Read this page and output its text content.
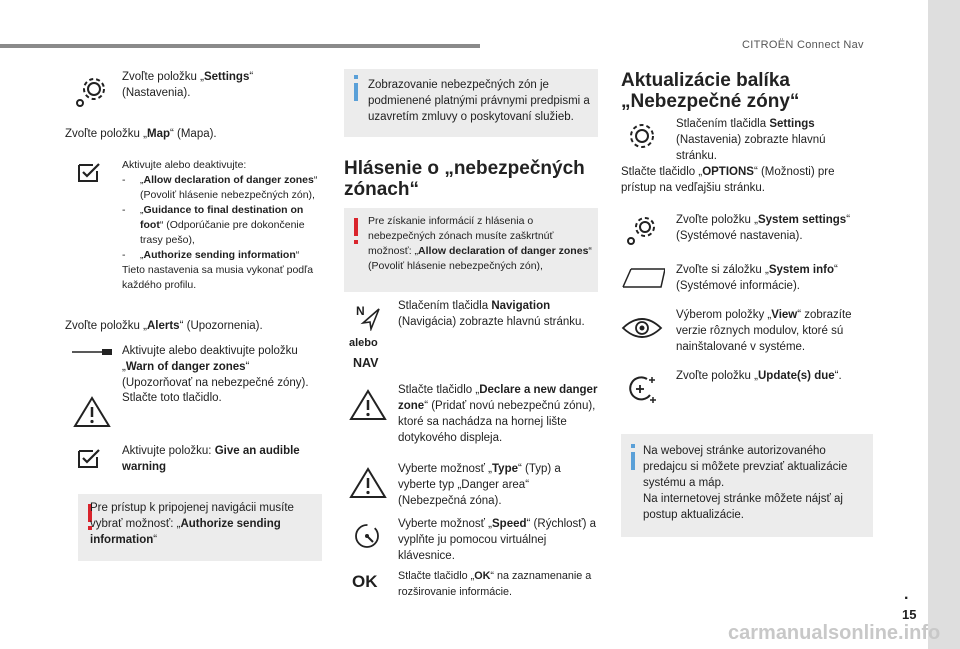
CITROËN Connect Nav
Zvoľte položku „Settings“ (Nastavenia).
Zvoľte položku „Map“ (Mapa).
Aktivujte alebo deaktivujte:
-	„Allow declaration of danger zones“ (Povoliť hlásenie nebezpečných zón),
-	„Guidance to final destination on foot“ (Odporúčanie pre dokončenie trasy pešo),
-	„Authorize sending information“
Tieto nastavenia sa musia vykonať podľa každého profilu.
Zvoľte položku „Alerts“ (Upozornenia).
Aktivujte alebo deaktivujte položku „Warn of danger zones“ (Upozorňovať na nebezpečné zóny).
Stlačte toto tlačidlo.
Aktivujte položku: Give an audible warning
Pre prístup k pripojenej navigácii musíte vybrať možnosť: „Authorize sending information“
Zobrazovanie nebezpečných zón je podmienené platnými právnymi predpismi a uzavretím zmluvy o poskytovaní služieb.
Hlásenie o „nebezpečných zónach“
Pre získanie informácií z hlásenia o nebezpečných zónach musíte zaškrtnúť možnosť: „Allow declaration of danger zones“ (Povoliť hlásenie nebezpečných zón),
N
alebo
NAV
Stlačením tlačidla Navigation (Navigácia) zobrazte hlavnú stránku.
Stlačte tlačidlo „Declare a new danger zone“ (Pridať novú nebezpečnú zónu), ktoré sa nachádza na hornej lište dotykového displeja.
Vyberte možnosť „Type“ (Typ) a vyberte typ „Danger area“ (Nebezpečná zóna).
Vyberte možnosť „Speed“ (Rýchlosť) a vyplňte ju pomocou virtuálnej klávesnice.
OK Stlačte tlačidlo „OK“ na zaznamenanie a rozširovanie informácie.
Aktualizácie balíka „Nebezpečné zóny“
Stlačením tlačidla Settings (Nastavenia) zobrazte hlavnú stránku.
Stlačte tlačidlo „OPTIONS“ (Možnosti) pre prístup na vedľajšiu stránku.
Zvoľte položku „System settings“ (Systémové nastavenia).
Zvoľte si záložku „System info“ (Systémové informácie).
Výberom položky „View“ zobrazíte verzie rôznych modulov, ktoré sú nainštalované v systéme.
Zvoľte položku „Update(s) due“.
Na webovej stránke autorizovaného predajcu si môžete prevziať aktualizácie systému a máp.
Na internetovej stránke môžete nájsť aj postup aktualizácie.
.
15
carmanualsonline.info
